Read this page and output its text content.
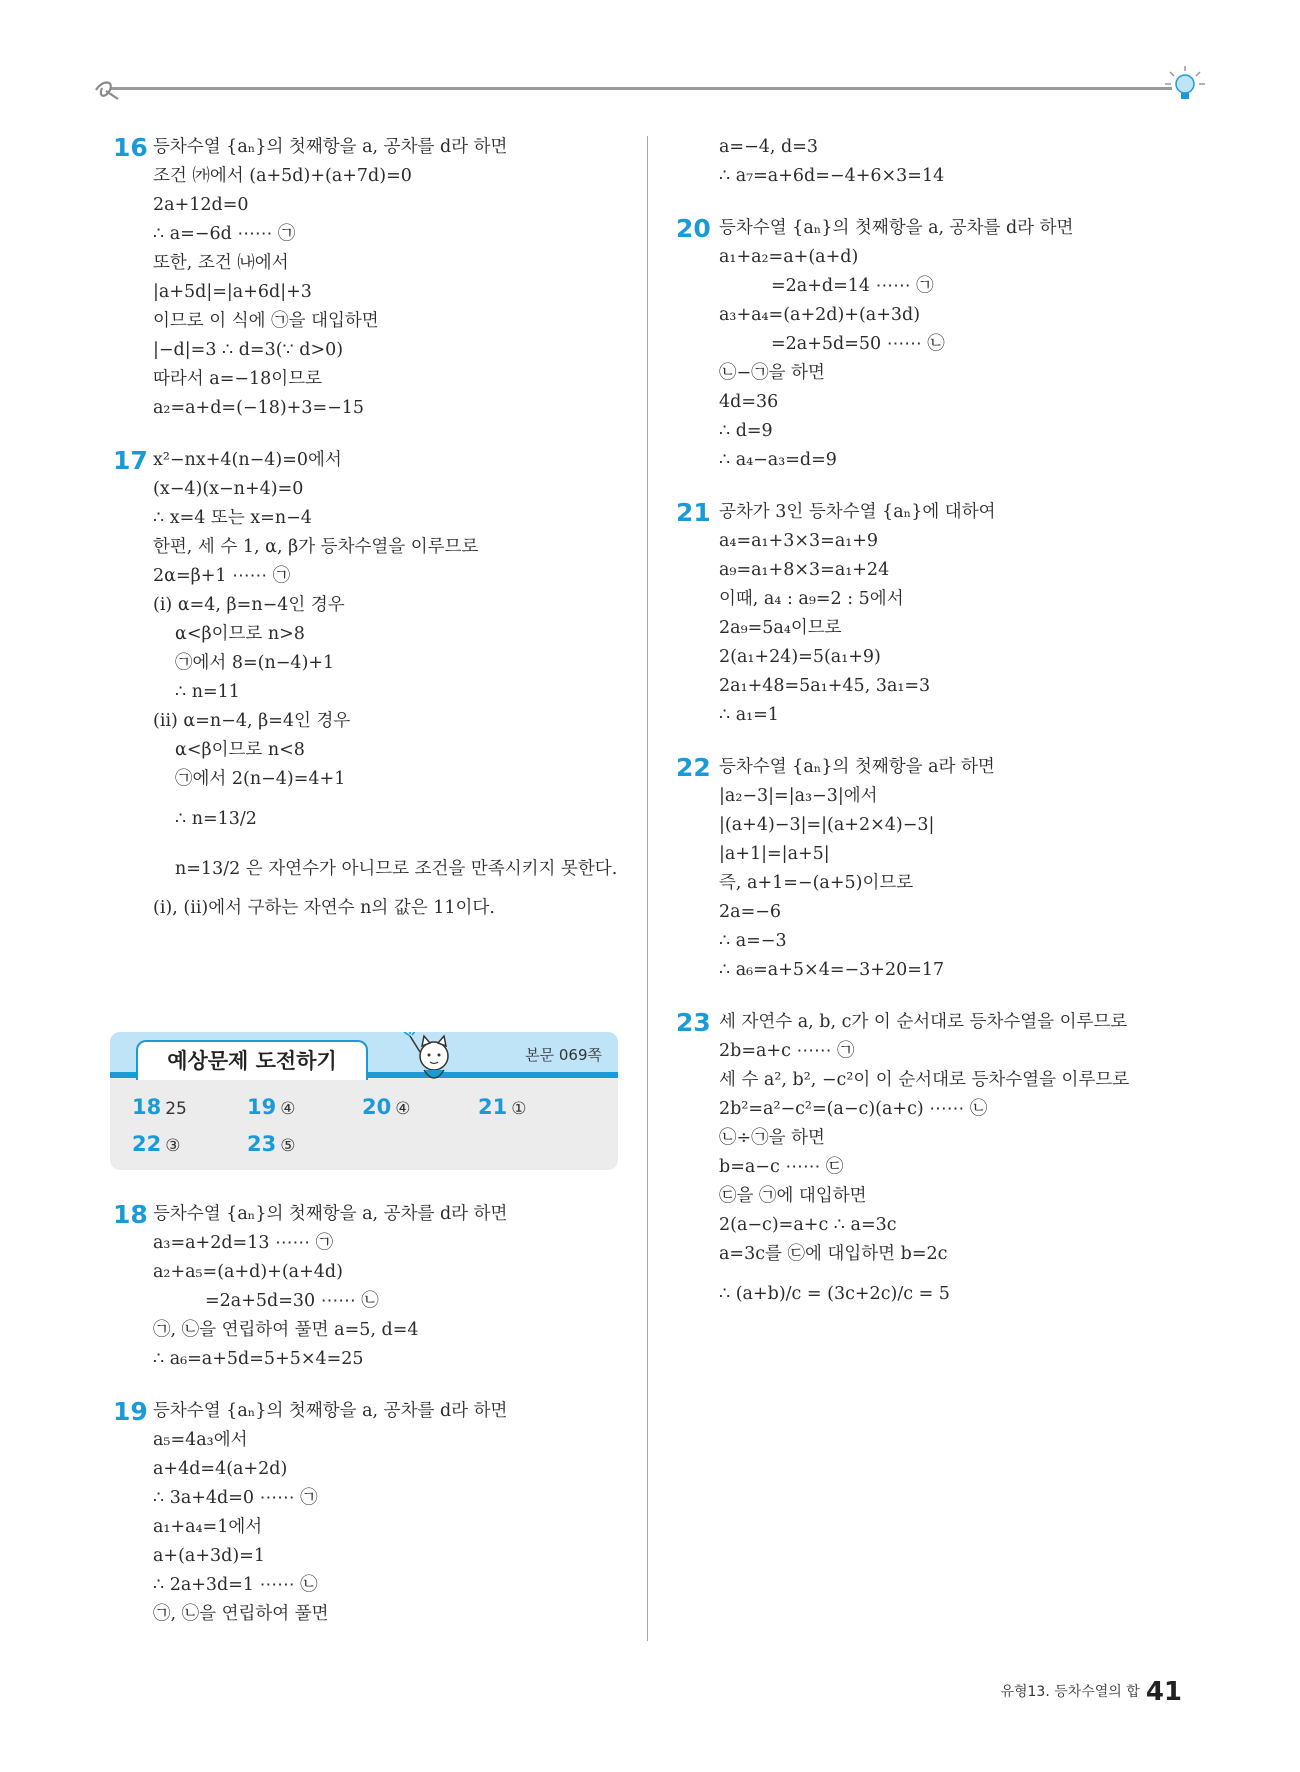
16 등차수열 {aₙ}의 첫째항을 a, 공차를 d라 하면
조건 ㈎에서 (a+5d)+(a+7d)=0
2a+12d=0
∴ a=−6d ⋯⋯ ㉠
또한, 조건 ㈏에서
|a+5d|=|a+6d|+3
이므로 이 식에 ㉠을 대입하면
|−d|=3 ∴ d=3(∵ d>0)
따라서 a=−18이므로
a₂=a+d=(−18)+3=−15
17 x²−nx+4(n−4)=0에서
(x−4)(x−n+4)=0
∴ x=4 또는 x=n−4
한편, 세 수 1, α, β가 등차수열을 이루므로
2α=β+1 ⋯⋯ ㉠
(ⅰ) α=4, β=n−4인 경우
α<β이므로 n>8
㉠에서 8=(n−4)+1
∴ n=11
(ⅱ) α=n−4, β=4인 경우
α<β이므로 n<8
㉠에서 2(n−4)=4+1
∴ n=13/2
n=13/2 은 자연수가 아니므로 조건을 만족시키지 못한다.
(ⅰ), (ⅱ)에서 구하는 자연수 n의 값은 11이다.
예상문제 도전하기	본문 069쪽
18 25	19 ④	20 ④	21 ①
22 ③	23 ⑤
18 등차수열 {aₙ}의 첫째항을 a, 공차를 d라 하면
a₃=a+2d=13 ⋯⋯ ㉠
a₂+a₅=(a+d)+(a+4d)
=2a+5d=30 ⋯⋯ ㉡
㉠, ㉡을 연립하여 풀면 a=5, d=4
∴ a₆=a+5d=5+5×4=25
19 등차수열 {aₙ}의 첫째항을 a, 공차를 d라 하면
a₅=4a₃에서
a+4d=4(a+2d)
∴ 3a+4d=0 ⋯⋯ ㉠
a₁+a₄=1에서
a+(a+3d)=1
∴ 2a+3d=1 ⋯⋯ ㉡
㉠, ㉡을 연립하여 풀면
a=−4, d=3
∴ a₇=a+6d=−4+6×3=14
20 등차수열 {aₙ}의 첫째항을 a, 공차를 d라 하면
a₁+a₂=a+(a+d)
=2a+d=14 ⋯⋯ ㉠
a₃+a₄=(a+2d)+(a+3d)
=2a+5d=50 ⋯⋯ ㉡
㉡−㉠을 하면
4d=36
∴ d=9
∴ a₄−a₃=d=9
21 공차가 3인 등차수열 {aₙ}에 대하여
a₄=a₁+3×3=a₁+9
a₉=a₁+8×3=a₁+24
이때, a₄ : a₉=2 : 5에서
2a₉=5a₄이므로
2(a₁+24)=5(a₁+9)
2a₁+48=5a₁+45, 3a₁=3
∴ a₁=1
22 등차수열 {aₙ}의 첫째항을 a라 하면
|a₂−3|=|a₃−3|에서
|(a+4)−3|=|(a+2×4)−3|
|a+1|=|a+5|
즉, a+1=−(a+5)이므로
2a=−6
∴ a=−3
∴ a₆=a+5×4=−3+20=17
23 세 자연수 a, b, c가 이 순서대로 등차수열을 이루므로
2b=a+c ⋯⋯ ㉠
세 수 a², b², −c²이 이 순서대로 등차수열을 이루므로
2b²=a²−c²=(a−c)(a+c) ⋯⋯ ㉡
㉡÷㉠을 하면
b=a−c ⋯⋯ ㉢
㉢을 ㉠에 대입하면
2(a−c)=a+c ∴ a=3c
a=3c를 ㉢에 대입하면 b=2c
∴ (a+b)/c = (3c+2c)/c = 5
유형13. 등차수열의 합 41
